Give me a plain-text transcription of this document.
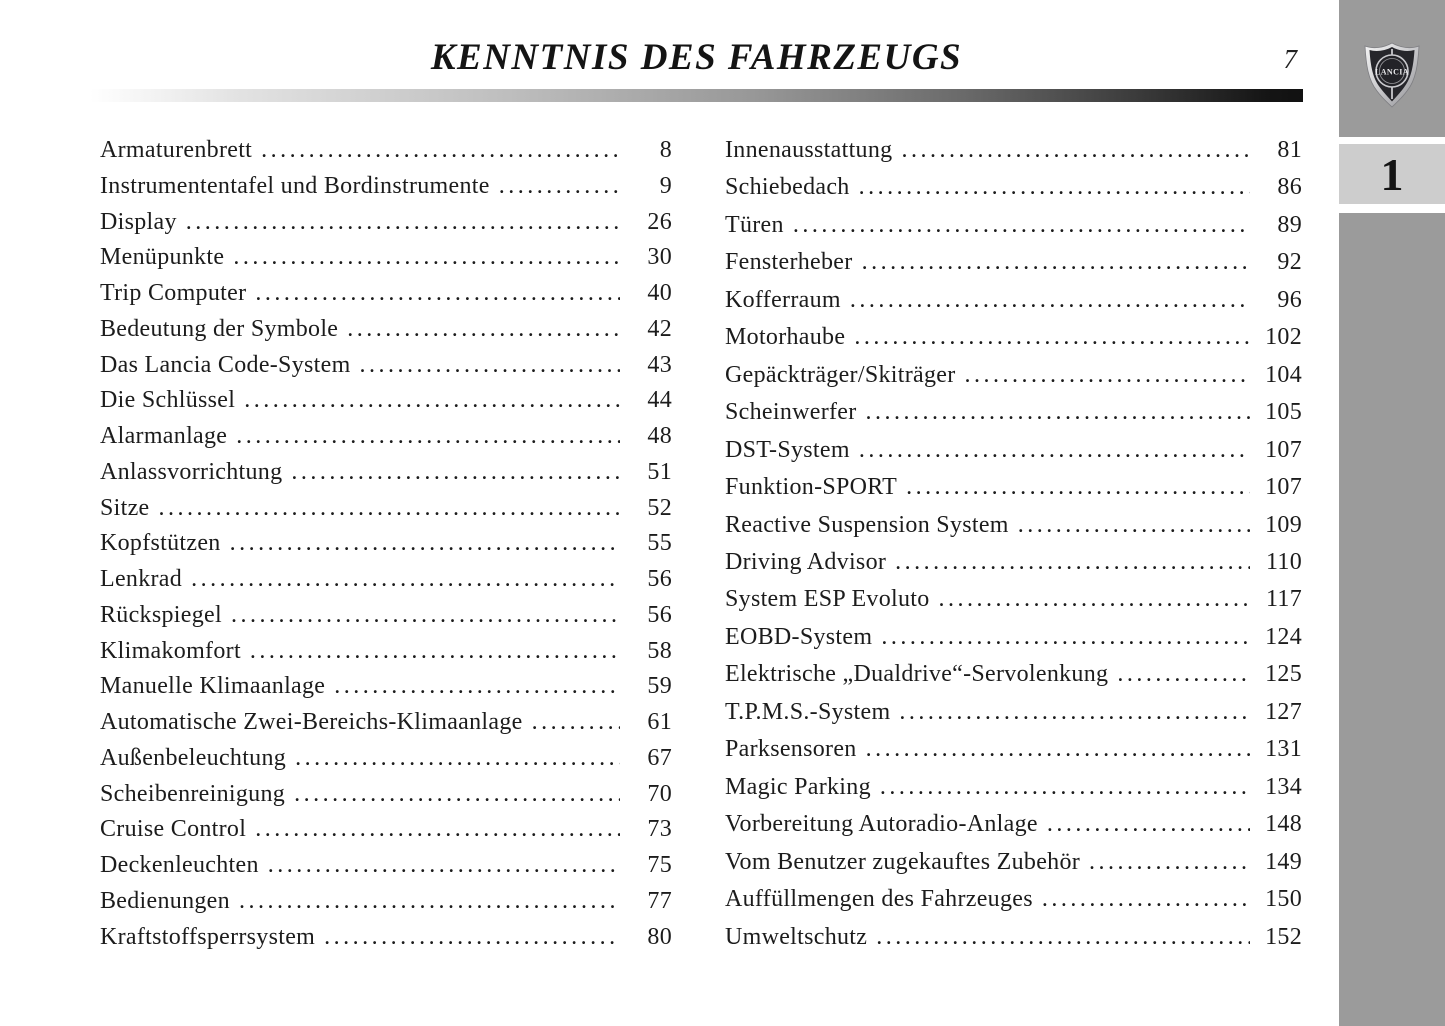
KENNTNIS DES FAHRZEUGS	7
Armaturenbrett .....	8
Instrumententafel und Bordinstrumente .....	9
Display .....	26
Menüpunkte .....	30
Trip Computer .....	40
Bedeutung der Symbole .....	42
Das Lancia Code-System .....	43
Die Schlüssel .....	44
Alarmanlage .....	48
Anlassvorrichtung .....	51
Sitze .....	52
Kopfstützen .....	55
Lenkrad .....	56
Rückspiegel .....	56
Klimakomfort .....	58
Manuelle Klimaanlage .....	59
Automatische Zwei-Bereichs-Klimaanlage .....	61
Außenbeleuchtung .....	67
Scheibenreinigung .....	70
Cruise Control .....	73
Deckenleuchten .....	75
Bedienungen .....	77
Kraftstoffsperrsystem .....	80
Innenausstattung .....	81
Schiebedach .....	86
Türen .....	89
Fensterheber .....	92
Kofferraum .....	96
Motorhaube .....	102
Gepäckträger/Skiträger .....	104
Scheinwerfer .....	105
DST-System .....	107
Funktion-SPORT .....	107
Reactive Suspension System .....	109
Driving Advisor .....	110
System ESP Evoluto .....	117
EOBD-System .....	124
Elektrische „Dualdrive“-Servolenkung .....	125
T.P.M.S.-System .....	127
Parksensoren .....	131
Magic Parking .....	134
Vorbereitung Autoradio-Anlage .....	148
Vom Benutzer zugekauftes Zubehör .....	149
Auffüllmengen des Fahrzeuges .....	150
Umweltschutz .....	152
LANCIA
1
